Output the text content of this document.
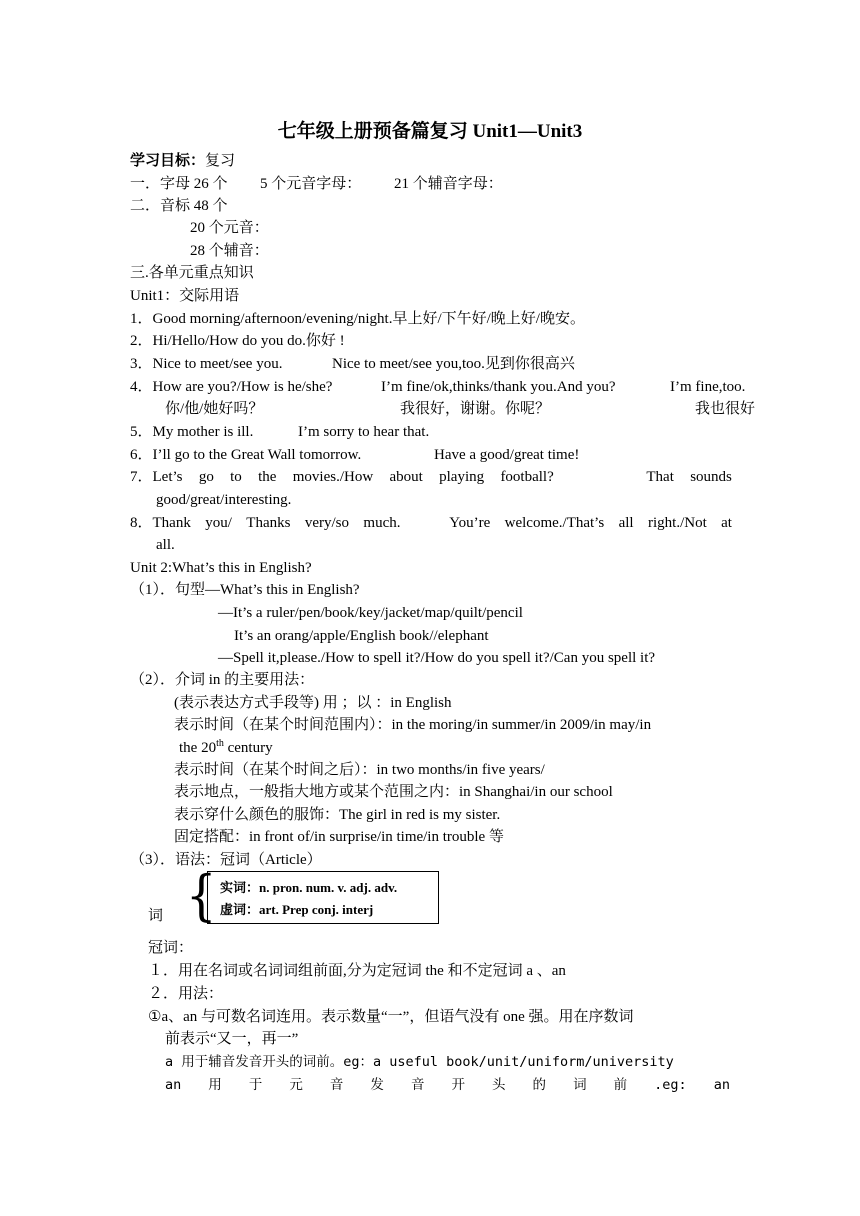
七年级上册预备篇复习 Unit1—Unit3
学习目标：复习
一．字母 26 个 5 个元音字母： 21 个辅音字母：
二．音标 48 个
20 个元音：
28 个辅音：
三.各单元重点知识
Unit1：交际用语
1．Good morning/afternoon/evening/night.早上好/下午好/晚上好/晚安。
2．Hi/Hello/How do you do.你好 !
3．Nice to meet/see you.	Nice to meet/see you,too.见到你很高兴
4．How are you?/How is he/she?	I’m fine/ok,thinks/thank you.And you?	I’m fine,too.
你/他/她好吗？	我很好，谢谢。你呢？	我也很好
5．My mother is ill.	I’m sorry to hear that.
6．I’ll go to the Great Wall tomorrow.	Have a good/great time!
7．Let’s go to the movies./How about playing football?	That sounds
good/great/interesting.
8．Thank you/ Thanks very/so much.	You’re welcome./That’s all right./Not at
all.
Unit 2:What’s this in English?
（1）．句型—What’s this in English?
—It’s a ruler/pen/book/key/jacket/map/quilt/pencil
It’s an orang/apple/English book//elephant
—Spell it,please./How to spell it?/How do you spell it?/Can you spell it?
（2）．介词 in 的主要用法：
(表示表达方式手段等) 用 ；以 ：in English
表示时间（在某个时间范围内）：in the moring/in summer/in 2009/in may/in
the 20th century
表示时间（在某个时间之后）：in two months/in five years/
表示地点，一般指大地方或某个范围之内：in Shanghai/in our school
表示穿什么颜色的服饰：The girl in red is my sister.
固定搭配：in front of/in surprise/in time/in trouble 等
（3）．语法：冠词（Article）
词 { 实词：n. pron. num. v. adj. adv.
虚词：art. Prep conj. interj
冠词：
１．用在名词或名词词组前面,分为定冠词 the 和不定冠词 a 、an
２．用法：
①a、an 与可数名词连用。表示数量“一”，但语气没有 one 强。用在序数词
前表示“又一，再一”
a 用于辅音发音开头的词前。eg：a useful book/unit/uniform/university
an 用 于 元 音 发 音 开 头 的 词 前 .eg: an
